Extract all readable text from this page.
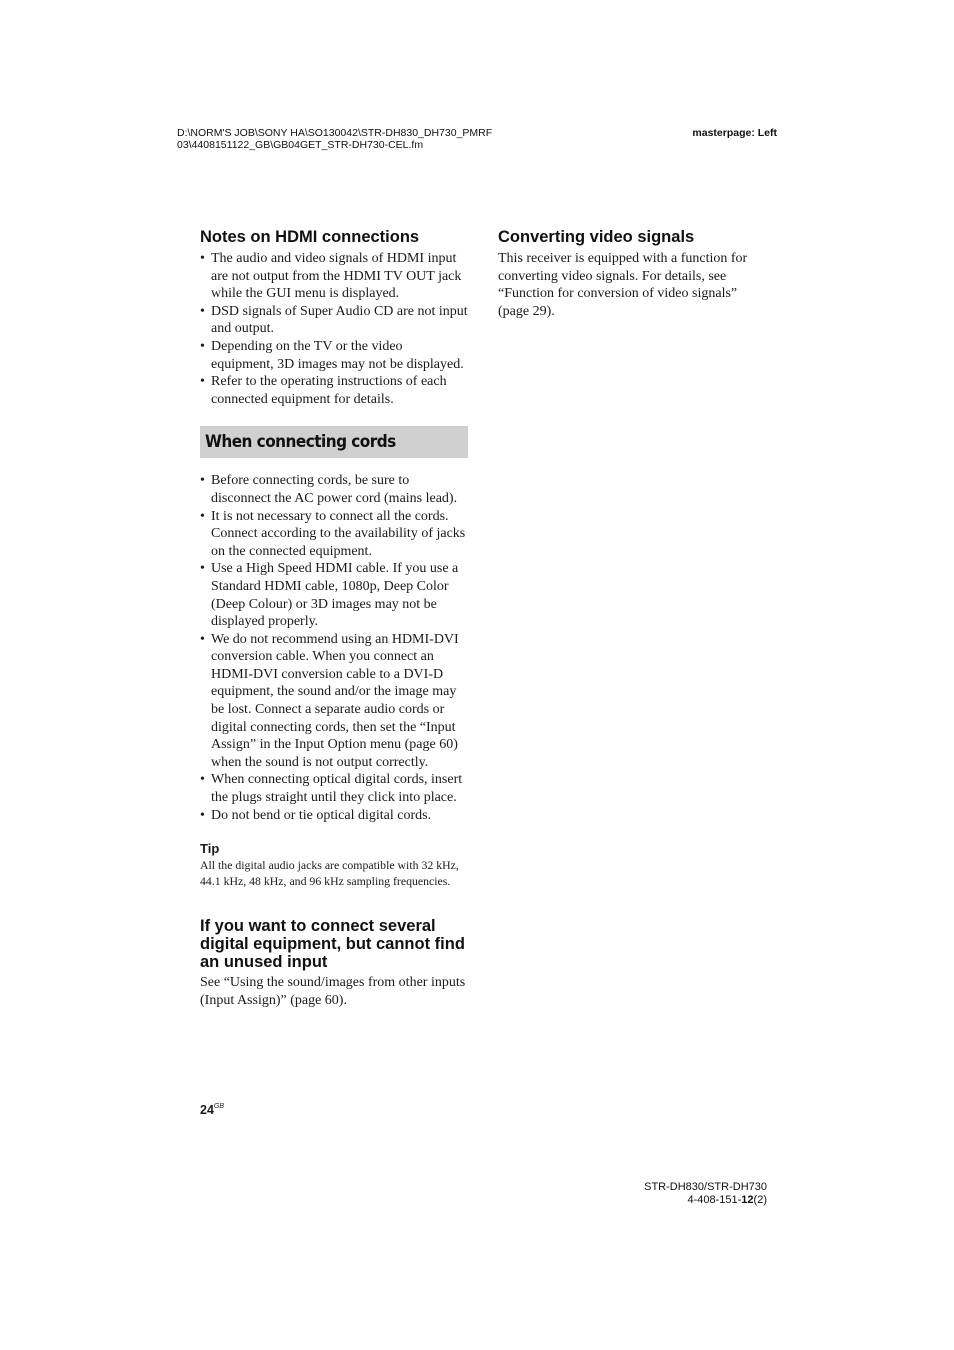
D:\NORM'S JOB\SONY HA\SO130042\STR-DH830_DH730_PMRF
03\4408151122_GB\GB04GET_STR-DH730-CEL.fm
masterpage: Left
Notes on HDMI connections
• The audio and video signals of HDMI input are not output from the HDMI TV OUT jack while the GUI menu is displayed.
• DSD signals of Super Audio CD are not input and output.
• Depending on the TV or the video equipment, 3D images may not be displayed.
• Refer to the operating instructions of each connected equipment for details.
When connecting cords
• Before connecting cords, be sure to disconnect the AC power cord (mains lead).
• It is not necessary to connect all the cords. Connect according to the availability of jacks on the connected equipment.
• Use a High Speed HDMI cable. If you use a Standard HDMI cable, 1080p, Deep Color (Deep Colour) or 3D images may not be displayed properly.
• We do not recommend using an HDMI-DVI conversion cable. When you connect an HDMI-DVI conversion cable to a DVI-D equipment, the sound and/or the image may be lost. Connect a separate audio cords or digital connecting cords, then set the “Input Assign” in the Input Option menu (page 60) when the sound is not output correctly.
• When connecting optical digital cords, insert the plugs straight until they click into place.
• Do not bend or tie optical digital cords.
Tip

All the digital audio jacks are compatible with 32 kHz, 44.1 kHz, 48 kHz, and 96 kHz sampling frequencies.

If you want to connect several digital equipment, but cannot find an unused input

See “Using the sound/images from other inputs (Input Assign)” (page 60).

Converting video signals

This receiver is equipped with a function for converting video signals. For details, see “Function for conversion of video signals” (page 29).

$24^{GB}$
STR-DH830/STR-DH730
4-408-151-12(2)
